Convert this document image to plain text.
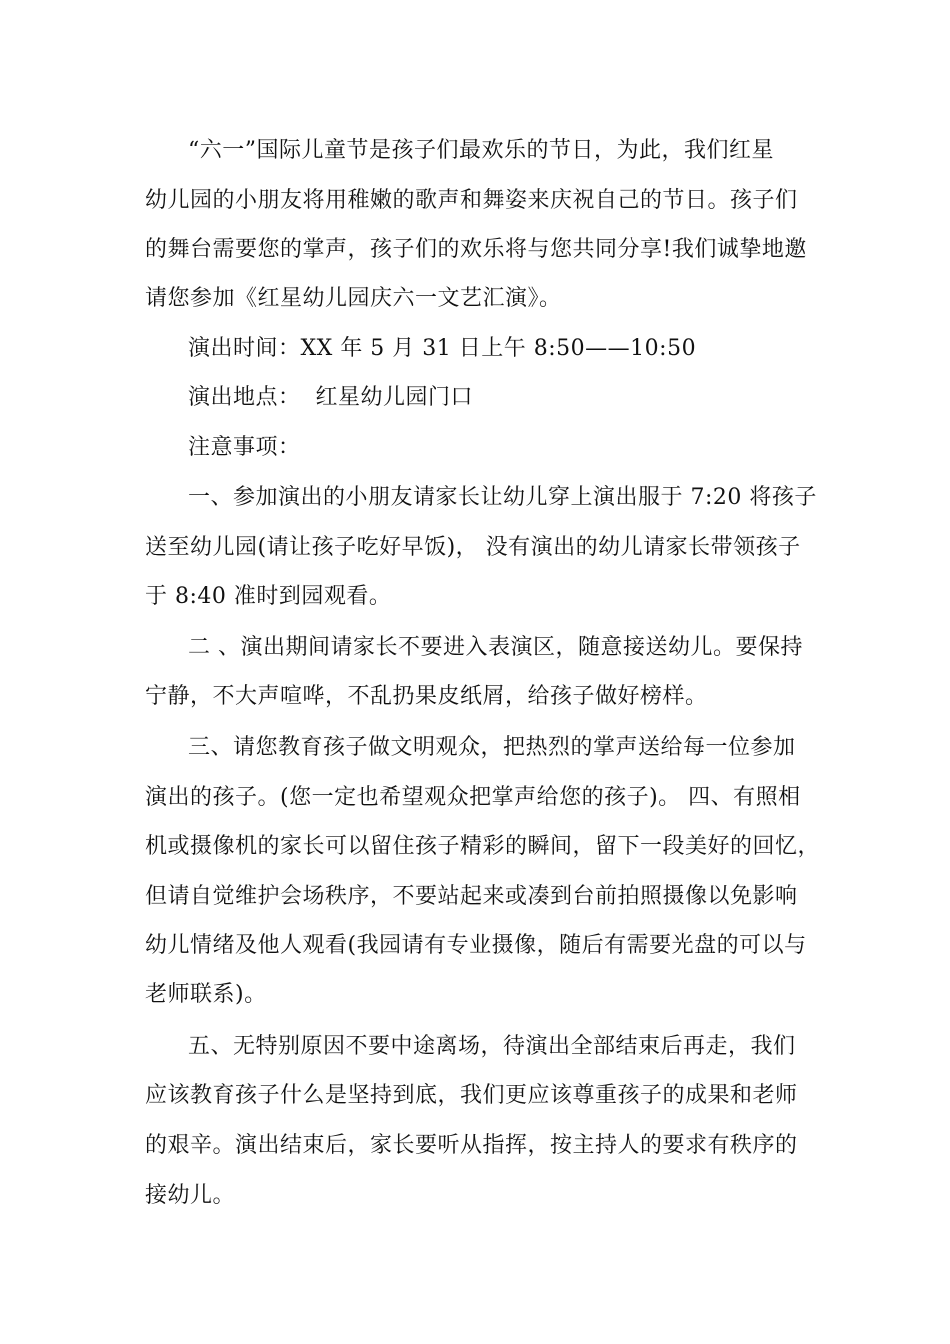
“六一”国际儿童节是孩子们最欢乐的节日，为此，我们红星
幼儿园的小朋友将用稚嫩的歌声和舞姿来庆祝自己的节日。孩子们
的舞台需要您的掌声，孩子们的欢乐将与您共同分享!我们诚挚地邀
请您参加《红星幼儿园庆六一文艺汇演》。
演出时间：XX 年 5 月 31 日上午 8:50——10:50
演出地点：  红星幼儿园门口
注意事项：
一、参加演出的小朋友请家长让幼儿穿上演出服于 7:20 将孩子
送至幼儿园(请让孩子吃好早饭)， 没有演出的幼儿请家长带领孩子
于 8:40 准时到园观看。
二 、演出期间请家长不要进入表演区，随意接送幼儿。要保持
宁静，不大声喧哗，不乱扔果皮纸屑，给孩子做好榜样。
三、请您教育孩子做文明观众，把热烈的掌声送给每一位参加
演出的孩子。(您一定也希望观众把掌声给您的孩子)。 四、有照相
机或摄像机的家长可以留住孩子精彩的瞬间，留下一段美好的回忆，
但请自觉维护会场秩序，不要站起来或凑到台前拍照摄像以免影响
幼儿情绪及他人观看(我园请有专业摄像，随后有需要光盘的可以与
老师联系)。
五、无特别原因不要中途离场，待演出全部结束后再走，我们
应该教育孩子什么是坚持到底，我们更应该尊重孩子的成果和老师
的艰辛。演出结束后，家长要听从指挥，按主持人的要求有秩序的
接幼儿。
